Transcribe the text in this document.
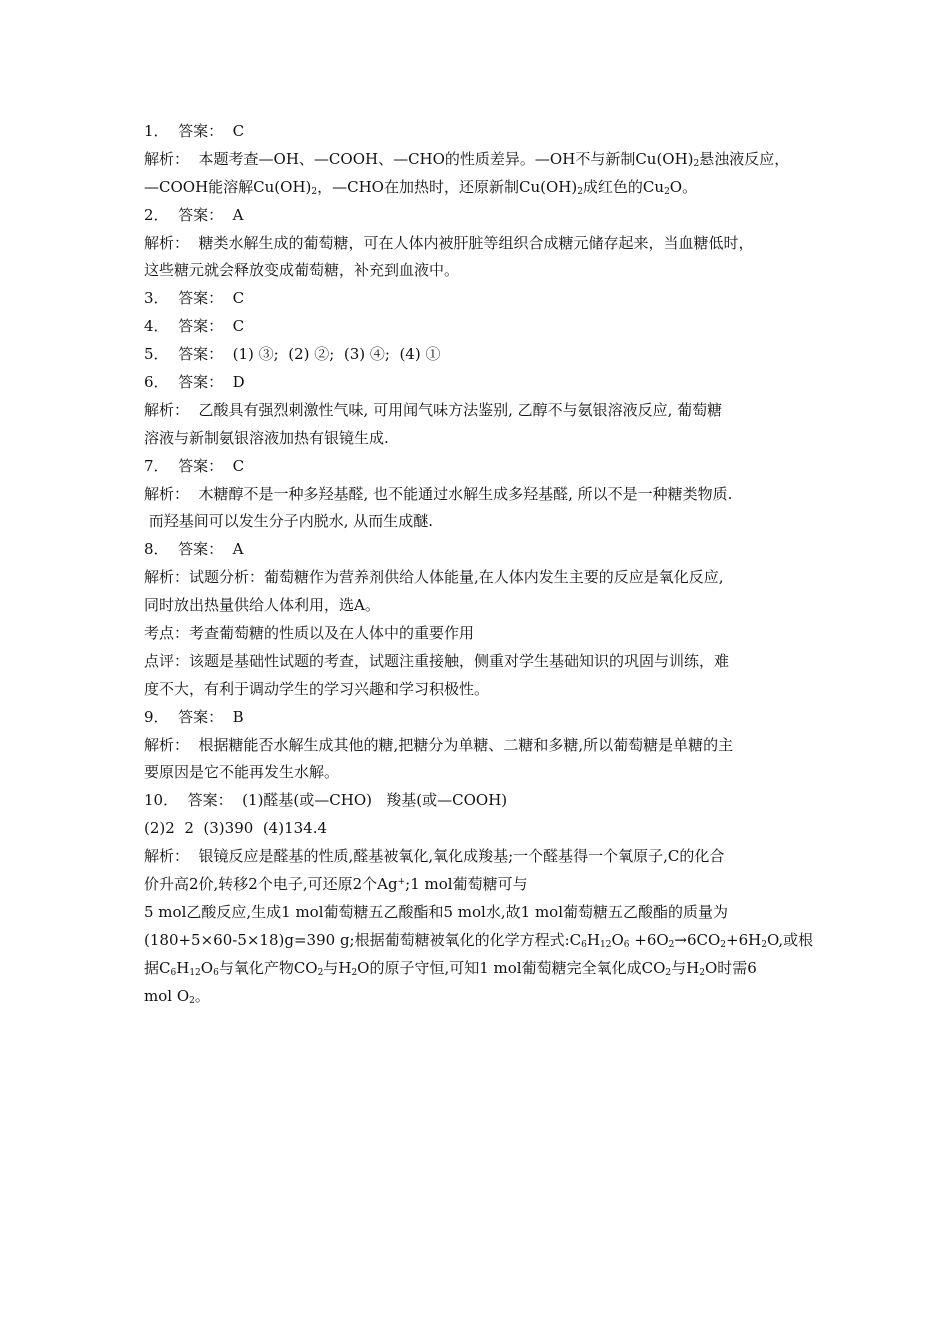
1．  答案：  C
解析：  本题考查—OH、—COOH、—CHO的性质差异。—OH不与新制$Cu(OH)_2$悬浊液反应，
—COOH能溶解$Cu(OH)_2$，—CHO在加热时，还原新制$Cu(OH)_2$成红色的$Cu_2O$。
2．  答案：  A
解析：  糖类水解生成的葡萄糖，可在人体内被肝脏等组织合成糖元储存起来，当血糖低时，
这些糖元就会释放变成葡萄糖，补充到血液中。
3．  答案：  C
4．  答案：  C
5．  答案：  (1) ③;  (2) ②;  (3) ④;  (4) ①
6．  答案：  D
解析：  乙酸具有强烈刺激性气味, 可用闻气味方法鉴别, 乙醇不与氨银溶液反应, 葡萄糖
溶液与新制氨银溶液加热有银镜生成.
7．  答案：  C
解析：  木糖醇不是一种多羟基醛, 也不能通过水解生成多羟基醛, 所以不是一种糖类物质.
而羟基间可以发生分子内脱水, 从而生成醚.
8．  答案：  A
解析：试题分析：葡萄糖作为营养剂供给人体能量,在人体内发生主要的反应是氧化反应,
同时放出热量供给人体利用，选A。
考点：考查葡萄糖的性质以及在人体中的重要作用
点评：该题是基础性试题的考查，试题注重接触，侧重对学生基础知识的巩固与训练，难
度不大，有利于调动学生的学习兴趣和学习积极性。
9．  答案：  B
解析：  根据糖能否水解生成其他的糖,把糖分为单糖、二糖和多糖,所以葡萄糖是单糖的主
要原因是它不能再发生水解。
10．  答案：  (1)醛基(或—CHO)   羧基(或—COOH)
(2)2  2  (3)390  (4)134.4
解析：  银镜反应是醛基的性质,醛基被氧化,氧化成羧基;一个醛基得一个氧原子,C的化合
价升高2价,转移2个电子,可还原2个Ag+;1 mol葡萄糖可与
5 mol乙酸反应,生成1 mol葡萄糖五乙酸酯和5 mol水,故1 mol葡萄糖五乙酸酯的质量为
(180+5×60-5×18)g=390 g;根据葡萄糖被氧化的化学方程式$:C_6H_{12}O_6 +6O_2\to 6CO_2+6H_2O$,或根
据$C_6H_{12}O_6$与氧化产物$CO_2$与$H_2O$的原子守恒,可知1 mol葡萄糖完全氧化成$CO_2$与$H_2O$时需6
mol $O_2$。
